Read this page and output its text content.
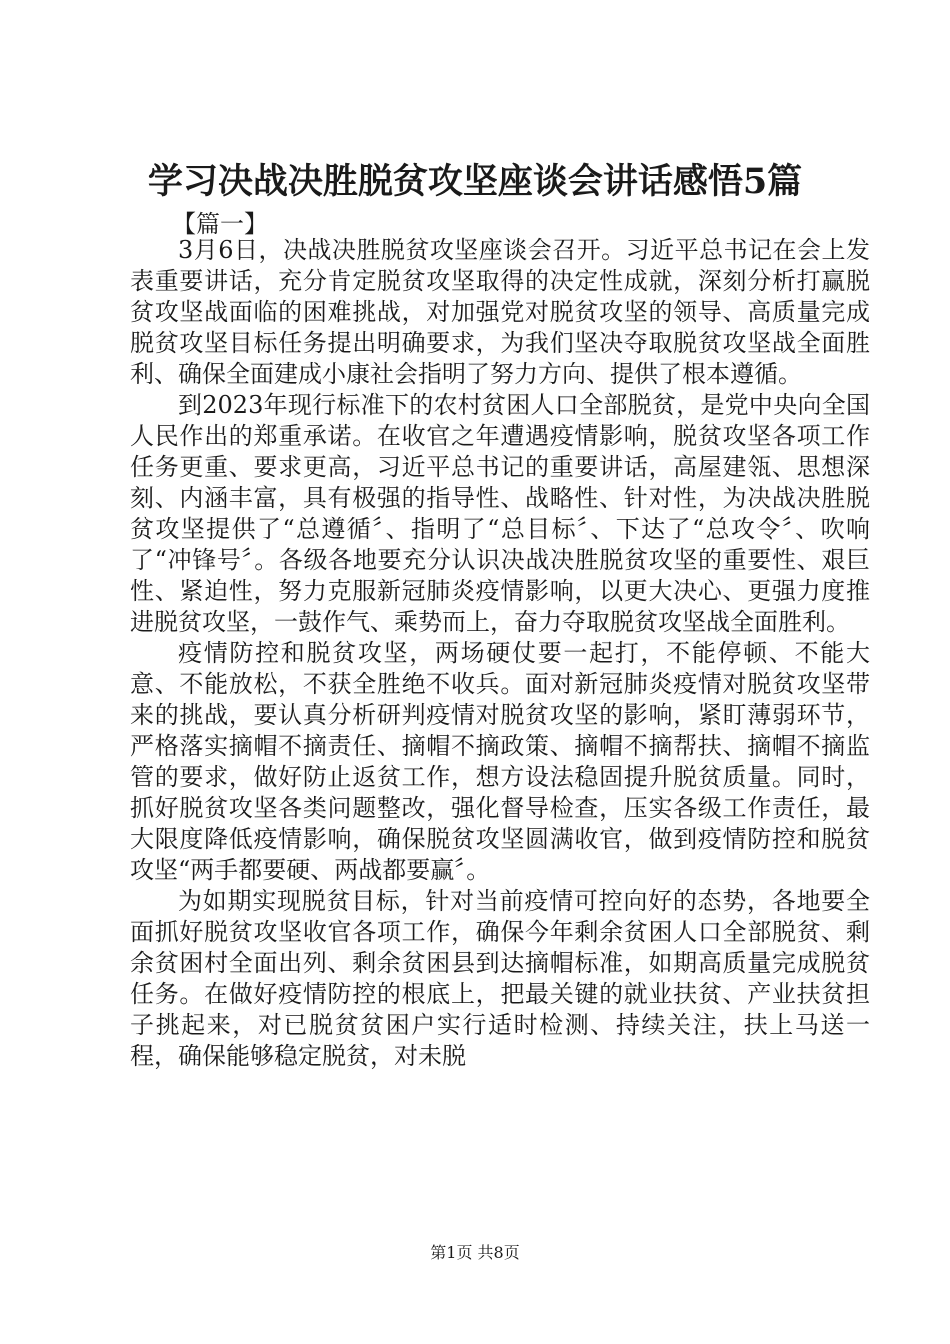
学习决战决胜脱贫攻坚座谈会讲话感悟5篇

【篇一】

3月6日，决战决胜脱贫攻坚座谈会召开。习近平总书记在会上发表重要讲话，充分肯定脱贫攻坚取得的决定性成就，深刻分析打赢脱贫攻坚战面临的困难挑战，对加强党对脱贫攻坚的领导、高质量完成脱贫攻坚目标任务提出明确要求，为我们坚决夺取脱贫攻坚战全面胜利、确保全面建成小康社会指明了努力方向、提供了根本遵循。

到2023年现行标准下的农村贫困人口全部脱贫，是党中央向全国人民作出的郑重承诺。在收官之年遭遇疫情影响，脱贫攻坚各项工作任务更重、要求更高，习近平总书记的重要讲话，高屋建瓴、思想深刻、内涵丰富，具有极强的指导性、战略性、针对性，为决战决胜脱贫攻坚提供了“总遵循〞、指明了“总目标〞、下达了“总攻令〞、吹响了“冲锋号〞。各级各地要充分认识决战决胜脱贫攻坚的重要性、艰巨性、紧迫性，努力克服新冠肺炎疫情影响，以更大决心、更强力度推进脱贫攻坚，一鼓作气、乘势而上，奋力夺取脱贫攻坚战全面胜利。

疫情防控和脱贫攻坚，两场硬仗要一起打，不能停顿、不能大意、不能放松，不获全胜绝不收兵。面对新冠肺炎疫情对脱贫攻坚带来的挑战，要认真分析研判疫情对脱贫攻坚的影响，紧盯薄弱环节，严格落实摘帽不摘责任、摘帽不摘政策、摘帽不摘帮扶、摘帽不摘监管的要求，做好防止返贫工作，想方设法稳固提升脱贫质量。同时，抓好脱贫攻坚各类问题整改，强化督导检查，压实各级工作责任，最大限度降低疫情影响，确保脱贫攻坚圆满收官，做到疫情防控和脱贫攻坚“两手都要硬、两战都要赢〞。

为如期实现脱贫目标，针对当前疫情可控向好的态势，各地要全面抓好脱贫攻坚收官各项工作，确保今年剩余贫困人口全部脱贫、剩余贫困村全面出列、剩余贫困县到达摘帽标准，如期高质量完成脱贫任务。在做好疫情防控的根底上，把最关键的就业扶贫、产业扶贫担子挑起来，对已脱贫贫困户实行适时检测、持续关注，扶上马送一程，确保能够稳定脱贫，对未脱

第1页 共8页
